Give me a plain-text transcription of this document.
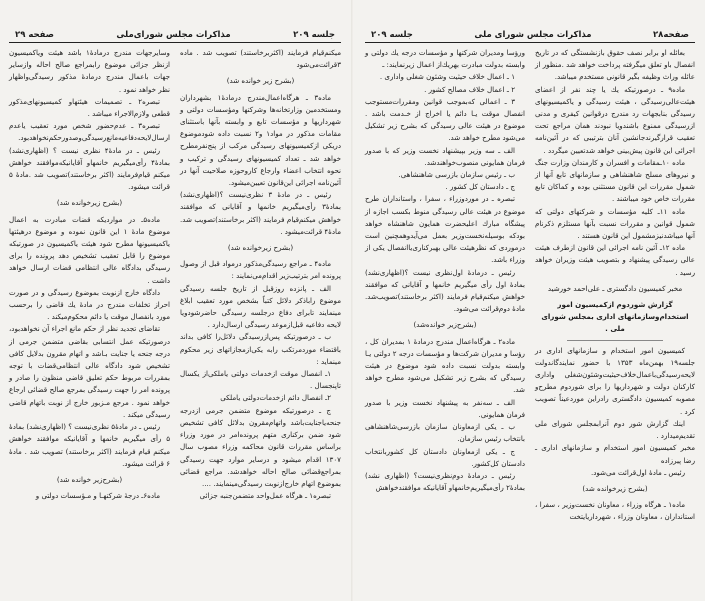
صفحه۲۸
مذاکرات مجلس شورای ملی
جلسه ۲۰۹

بعائله او برابر نصف حقوق بازنشستگی که در تاریخ انفصال باو تعلق میگرفته پرداخت خواهد شد .منظور از عائله وراث وظیفه بگیر قانونی مستخدم میباشد.

ماده۹ ـ درصورتیکه یك یا چند نفر از اعضای هیئت‌عالی‌رسیدگی ، هیئت رسیدگی و یاکمیسیونهای رسیدگی بنابجهات رد مندرج درقوانین کیفری و مدنی ازرسیدگی ممنوع باشندویا نبودند همان مراجع تحت تعقیب قرارگیرندجانشین آنان بترتیبی که در آئین‌نامه اجرائی این قانون پیش‌بینی خواهد شدتعیین میگردد .

ماده ۱۰ـمقامات و افسران و کارمندان وزارت جنگ و نیروهای مسلح شاهنشاهی و سازمانهای تابع آنها از شمول مقررات این قانون مستثنی بوده و کماکان تابع مقررات خاص خود میباشند .

ماده ۱۱ـ کلیه مؤسسات و شرکتهای دولتی که شمول قوانین و مقررات نسبت بآنها مستلزم ذکرنام آنها میباشدنیزمشمول این قانون هستند .

ماده ۱۲ـ آئین نامه اجرائی این قانون ازطرف هیئت عالی رسیدگی پیشنهاد و بتصویب هیئت وزیران خواهد رسید .

مخبر کمیسیون دادگستری ـ علی‌احمد خورشید

گزارش شوردوم ازکمیسیون امور استخدام‌وسازمانهای اداری بمجلس شورای ملی .

کمیسیون امور استخدام و سازمانهای اداری در جلسه۱۹ بهمن‌ماه ۱۳۵۳ با حضور نمایندگاندولت لایحه‌رسیدگی‌باعمال‌خلاف‌حیثیت‌وشئون‌شغلی واداری کارکنان دولت و شهرداریها را برای شوردوم مطرح‌و مصوبه کمیسیون دادگستری رادراین موردعیناً تصویب کرد .

اینك گزارش شور دوم آنرابمجلس شورای ملی تقدیم‌میدارد .

مخبر کمیسیون امور استخدام و سازمانهای اداری ـ رضا پیرزاده

رئیس ـ مادهٔ اول‌قرائت می‌شود.

(بشرح زیرخوانده شد)

ماده۱ ـ هرگاه وزراء ، معاونان نخست‌وزیر ، سفرا ، استانداران ، معاونان وزراء ، شهرداریایتخت

ورؤسا ومدیران شرکتها و مؤسسات درجه یك دولتی و وابسته بدولت مبادرت بهریك‌از اعمال زیرنمایند: ـ

۱ ـ اعمال خلاف حیثیت وشئون شغلی واداری .

۲ ـ اعمال خلاف مصالح کشور .

۳ ـ اعمالی که‌بموجب قوانین ومقررات‌مستوجب انفصال موقت یـا دائم یا اخراج از خـدمت باشد . موضوع در هیئت عالی رسیدگی که بشرح زیر تشکیل می‌شود مطرح خواهد شد.

الف ـ سه وزیر بپیشنهاد نخست وزیر که با صدور فرمان همایونی منصوب‌خواهندشد.

ب ـ رئیس سازمان بازرسی شاهنشاهی.

ج ـ دادستان کل کشور .

تبصره ـ در موردوزراء ، سفرا ، واستانداران طرح موضوع در هیئت عالی رسیدگی منوط بکسب اجازه از پیشگاه مبارك اعلیحضرت همایون شاهنشاه خواهد بودکه بوسیله‌نخست‌وزیر بعمل می‌آیدوهمچنین است درموردی که نظرهیئت عالی بهبرکناری‌یاانفصال یکی از وزراء باشد.

رئیس ـ درمادهٔ اول‌نظری نیست ؟(اظهاری‌نشد) بمادهٔ اول رأی میگیریم خانمها و آقایانی که موافقند خواهش میکنم‌قیام فرمایند (اکثر برخاستند)تصویب‌شد. مادهٔ دوم‌قرائت می‌شود.

(بشرح‌زیر خوانده‌شد)

ماده۲ ـ هرگاه‌اعمال مندرج درمادهٔ ۱ بمدیران کل ، رؤسا و مدیران شرکت‌ها و مؤسسات درجه ۲ دولتی یـا وابسته بدولت نسبت داده شود موضوع در هیئت رسیدگی که بشرح زیر تشکیل می‌شود مطرح خواهد شد.

الف ـ سه‌نفر به پیشنهاد نخست وزیر با صدور فرمان همایونی.

ب ـ یکی ازمعاونان سازمان بازرسی‌شاهنشاهی بانتخاب رئیس سازمان.

ج ـ یکی ازمعاونان دادستان کل کشوربانتخاب دادستان کل‌کشور.

رئیس ـ درمادهٔ دوم‌نظری‌نیست؟ (اظهاری نشد) بمادهٔ۲ رأی‌میگیریم‌خانمهاو آقایانیکه موافقندخواهش

جلسه ۲۰۹
مذاکرات مجلس شورای‌ملی
صفحه ۲۹

میکنم‌قیام فرمایند (اکثربرخاستند) تصویب شد . ماده ۳قرائت‌می‌شود

(بشرح زیر خوانده شد)

ماده۳ ـ هرگاه‌اعمال‌مندرج درمادهٔ۱ بشهرداران ومستخدمین وزارتخانه‌ها وشرکتها ومؤسسات دولتی و شهرداریها و مؤسسات تابع و وابسته بآنها باستثنای مقامات مذکور در مواد۱ و۲ نسبت داده شودموضوع دریکی ازکمیسیونهای رسیدگی مرکب از پنج‌نفرمطرح خواهد شد ـ تعداد کمیسیونهای رسیدگی و ترکیب و نحوه انتخاب اعضاء وارجاع کاروحوزه صلاحیت آنها در آئین‌نامه اجرائی این‌قانون تعیین‌میشود.

رئیس ـ در مادهٔ ۳ نظری‌نیست ؟(اظهاری‌نشد) بمادهٔ۳ رأی‌میگیریم خانمها و آقایانی که موافقند خواهش میکنم‌قیام فرمایند (اکثر برخاستند)تصویب شد. مادهٔ۴ قرائت‌میشود .

(بشرح زیرخوانده شد)

ماده۴ ـ مراجع رسیدگی‌مذکور درمواد قبل از وصول پرونده امر بترتیب‌زیر اقدام‌می‌نمایند :

الف ـ پانزده روزقبل از تاریخ جلسه رسیدگی موضوع رابا‌ذکر دلائل کتباً بشخص مورد تعقیب ابلاغ مینمایند تابرای دفاع درجلسه رسیدگی حاضرشودویا لایحه دفاعیه قبل‌ازموعد رسیدگی ارسال‌دارد .

ب ـ درصورتیکه پس‌ازرسیدگی دلائل‌را کافی بداند باقتضاء موردمرتکب رابه یکی‌ازمجازاتهای زیر محکوم مینماید :

۱ـ انفصال موقت ازخدمات دولتی یاملکی‌از یکسال تاپنجسال .

۲ـ انفصال دائم ازخدمات‌دولتی یاملکی

ج ـ درصورتیکه موضوع متضمن جرمی ازدرجه جنحه‌یاجنایت‌باشد واتهام‌مقرون بدلائل کافی تشخیص شود ضمن برکناری متهم پرونده‌امر در مورد وزراء براساس مقررات قانون محاکمه وزراء مصوب سال ۱۳۰۷ اقدام میشود و درسایر موارد جهت رسیدگی بمراجع‌قضائی صالح احاله خواهدشد. مراجع قضائی بموضوع اتهام خارج‌ازنوبت رسیدگی‌مینمایند. ....

تبصره۱ ـ هرگاه عمل‌واحد متضمن‌جنبه جزائی

وسایرجهات مندرج درمادهٔ۱ باشد هیئت ویاکمیسیون ازنظر جزائی موضوع رابمراجع صالح احاله وازسایر جهات باعمال مندرج درمادهٔ مذکور رسیدگی‌واظهار نظر خواهد نمود .

تبصره۲ ـ تصمیمات هیئتهاو کمیسیونهای‌مذکور قطعی ولازم‌الاجراء میباشد .

تبصره۳ ـ عدم‌حضور شخص مورد تعقیب یاعدم ارسال‌لایحه‌دفاعیه‌مانع‌رسیدگی‌وصدورحکم‌نخواهدبود.

رئیس ـ در مادهٔ۴ نظری نیست ؟ (اظهاری‌نشد) بمادهٔ۴ رأی‌میگیریم خانمهاو آقایانیکه‌موافقند خواهش میکنم قیام‌فرمایند (اکثر برخاستند)تصویب شد .مادهٔ ۵ قرائت میشود.

(بشرح زیرخوانده شد)

ماده۵ـ در مواردیکه قضات مبادرت به اعمال موضوع مادهٔ ۱ این قانون نموده و موضوع درهیئتها یاکمیسیونها مطرح شود هیئت یاکمیسیون در صورتیکه موضوع را قابل تعقیب تشخیص دهد پرونده را برای رسیدگی بدادگاه عالی انتظامی قضات ارسال خواهد داشت .

دادگاه خارج ازنوبت بموضوع رسیدگی و در صورت احراز تخلفات مندرج در مادهٔ یك قاضی را برحسب مورد بانفصال موقت یا دائم محکوم‌میکند .

تقاضای تجدید نظر از حکم مانع اجراء آن نخواهدبود، درصورتیکه عمل انتسابی بقاضی متضمن جرمی از درجه جنحه یا جنایت بـاشد و اتهام مقرون بدلایل کافی تشخیص شود دادگاه عالی انتظامی‌قضات با توجه بمقررات مربوط حکم تعلیق قاضی منظون را صادر و پرونده امر را جهت رسیدگی بمرجع صالح قضائی ارجاع خواهد نمود . مرجع مـزبور خارج از نوبت باتهام قاضی رسیدگی میکند .

رئیس ـ در مادهٔ۵ نظری‌نیست ؟ (اظهاری‌نشد) بمادهٔ ۵ رأی میگیریم خانمها و آقایانیکه موافقند خواهش میکنم قیام فرمایند (اکثر برخاستند) تصویب شد . مادهٔ ۶ قرائت میشود.

(بشرح‌زیر خوانده شد)

ماده۶ـ درجهٔ شرکتهـا و مـؤسسات دولتی و
